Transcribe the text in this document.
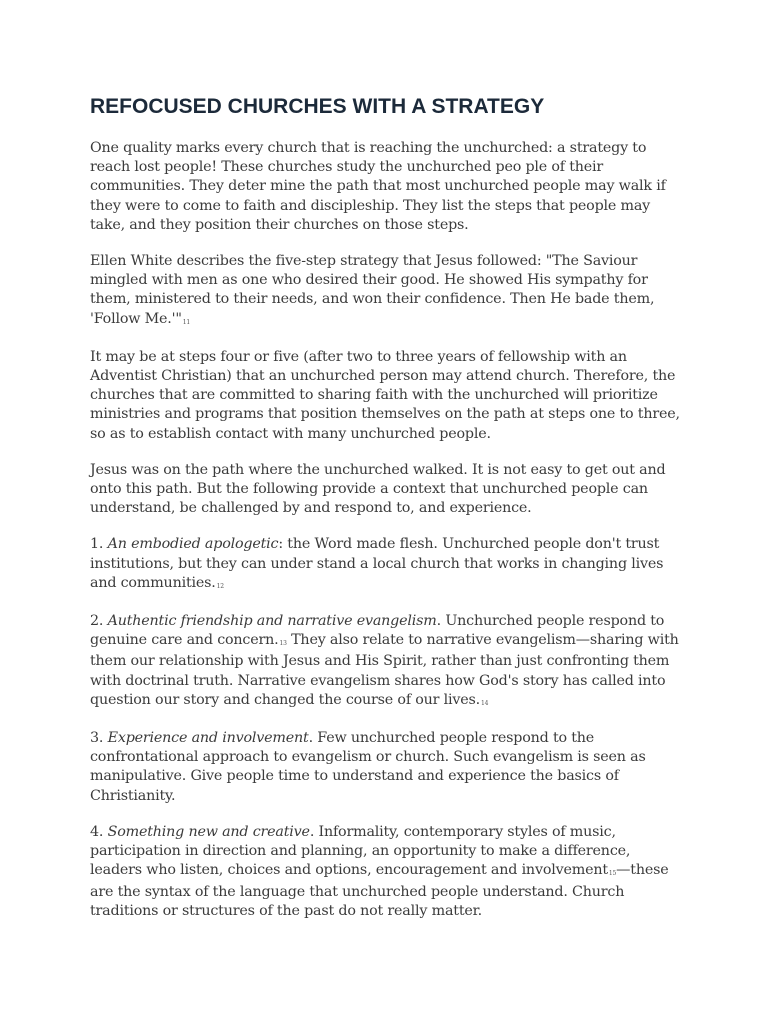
REFOCUSED CHURCHES WITH A STRATEGY

One quality marks every church that is reaching the unchurched: a strategy to reach lost people! These churches study the unchurched peo ple of their communities. They deter mine the path that most unchurched people may walk if they were to come to faith and discipleship. They list the steps that people may take, and they position their churches on those steps.

Ellen White describes the five-step strategy that Jesus followed: "The Saviour mingled with men as one who desired their good. He showed His sympathy for them, ministered to their needs, and won their confidence. Then He bade them, 'Follow Me.'"$^{11}$

It may be at steps four or five (after two to three years of fellowship with an Adventist Christian) that an unchurched person may attend church. Therefore, the churches that are committed to sharing faith with the unchurched will prioritize ministries and programs that position themselves on the path at steps one to three, so as to establish contact with many unchurched people.

Jesus was on the path where the unchurched walked. It is not easy to get out and onto this path. But the following provide a context that unchurched people can understand, be challenged by and respond to, and experience.

1. An embodied apologetic: the Word made flesh. Unchurched people don't trust institutions, but they can under stand a local church that works in changing lives and communities.$^{12}$

2. Authentic friendship and narrative evangelism. Unchurched people respond to genuine care and concern.$^{13}$ They also relate to narrative evangelism—sharing with them our relationship with Jesus and His Spirit, rather than just confronting them with doctrinal truth. Narrative evangelism shares how God's story has called into question our story and changed the course of our lives.$^{14}$

3. Experience and involvement. Few unchurched people respond to the confrontational approach to evangelism or church. Such evangelism is seen as manipulative. Give people time to understand and experience the basics of Christianity.

4. Something new and creative. Informality, contemporary styles of music, participation in direction and planning, an opportunity to make a difference, leaders who listen, choices and options, encouragement and involvement$^{15}$—these are the syntax of the language that unchurched people understand. Church traditions or structures of the past do not really matter.
